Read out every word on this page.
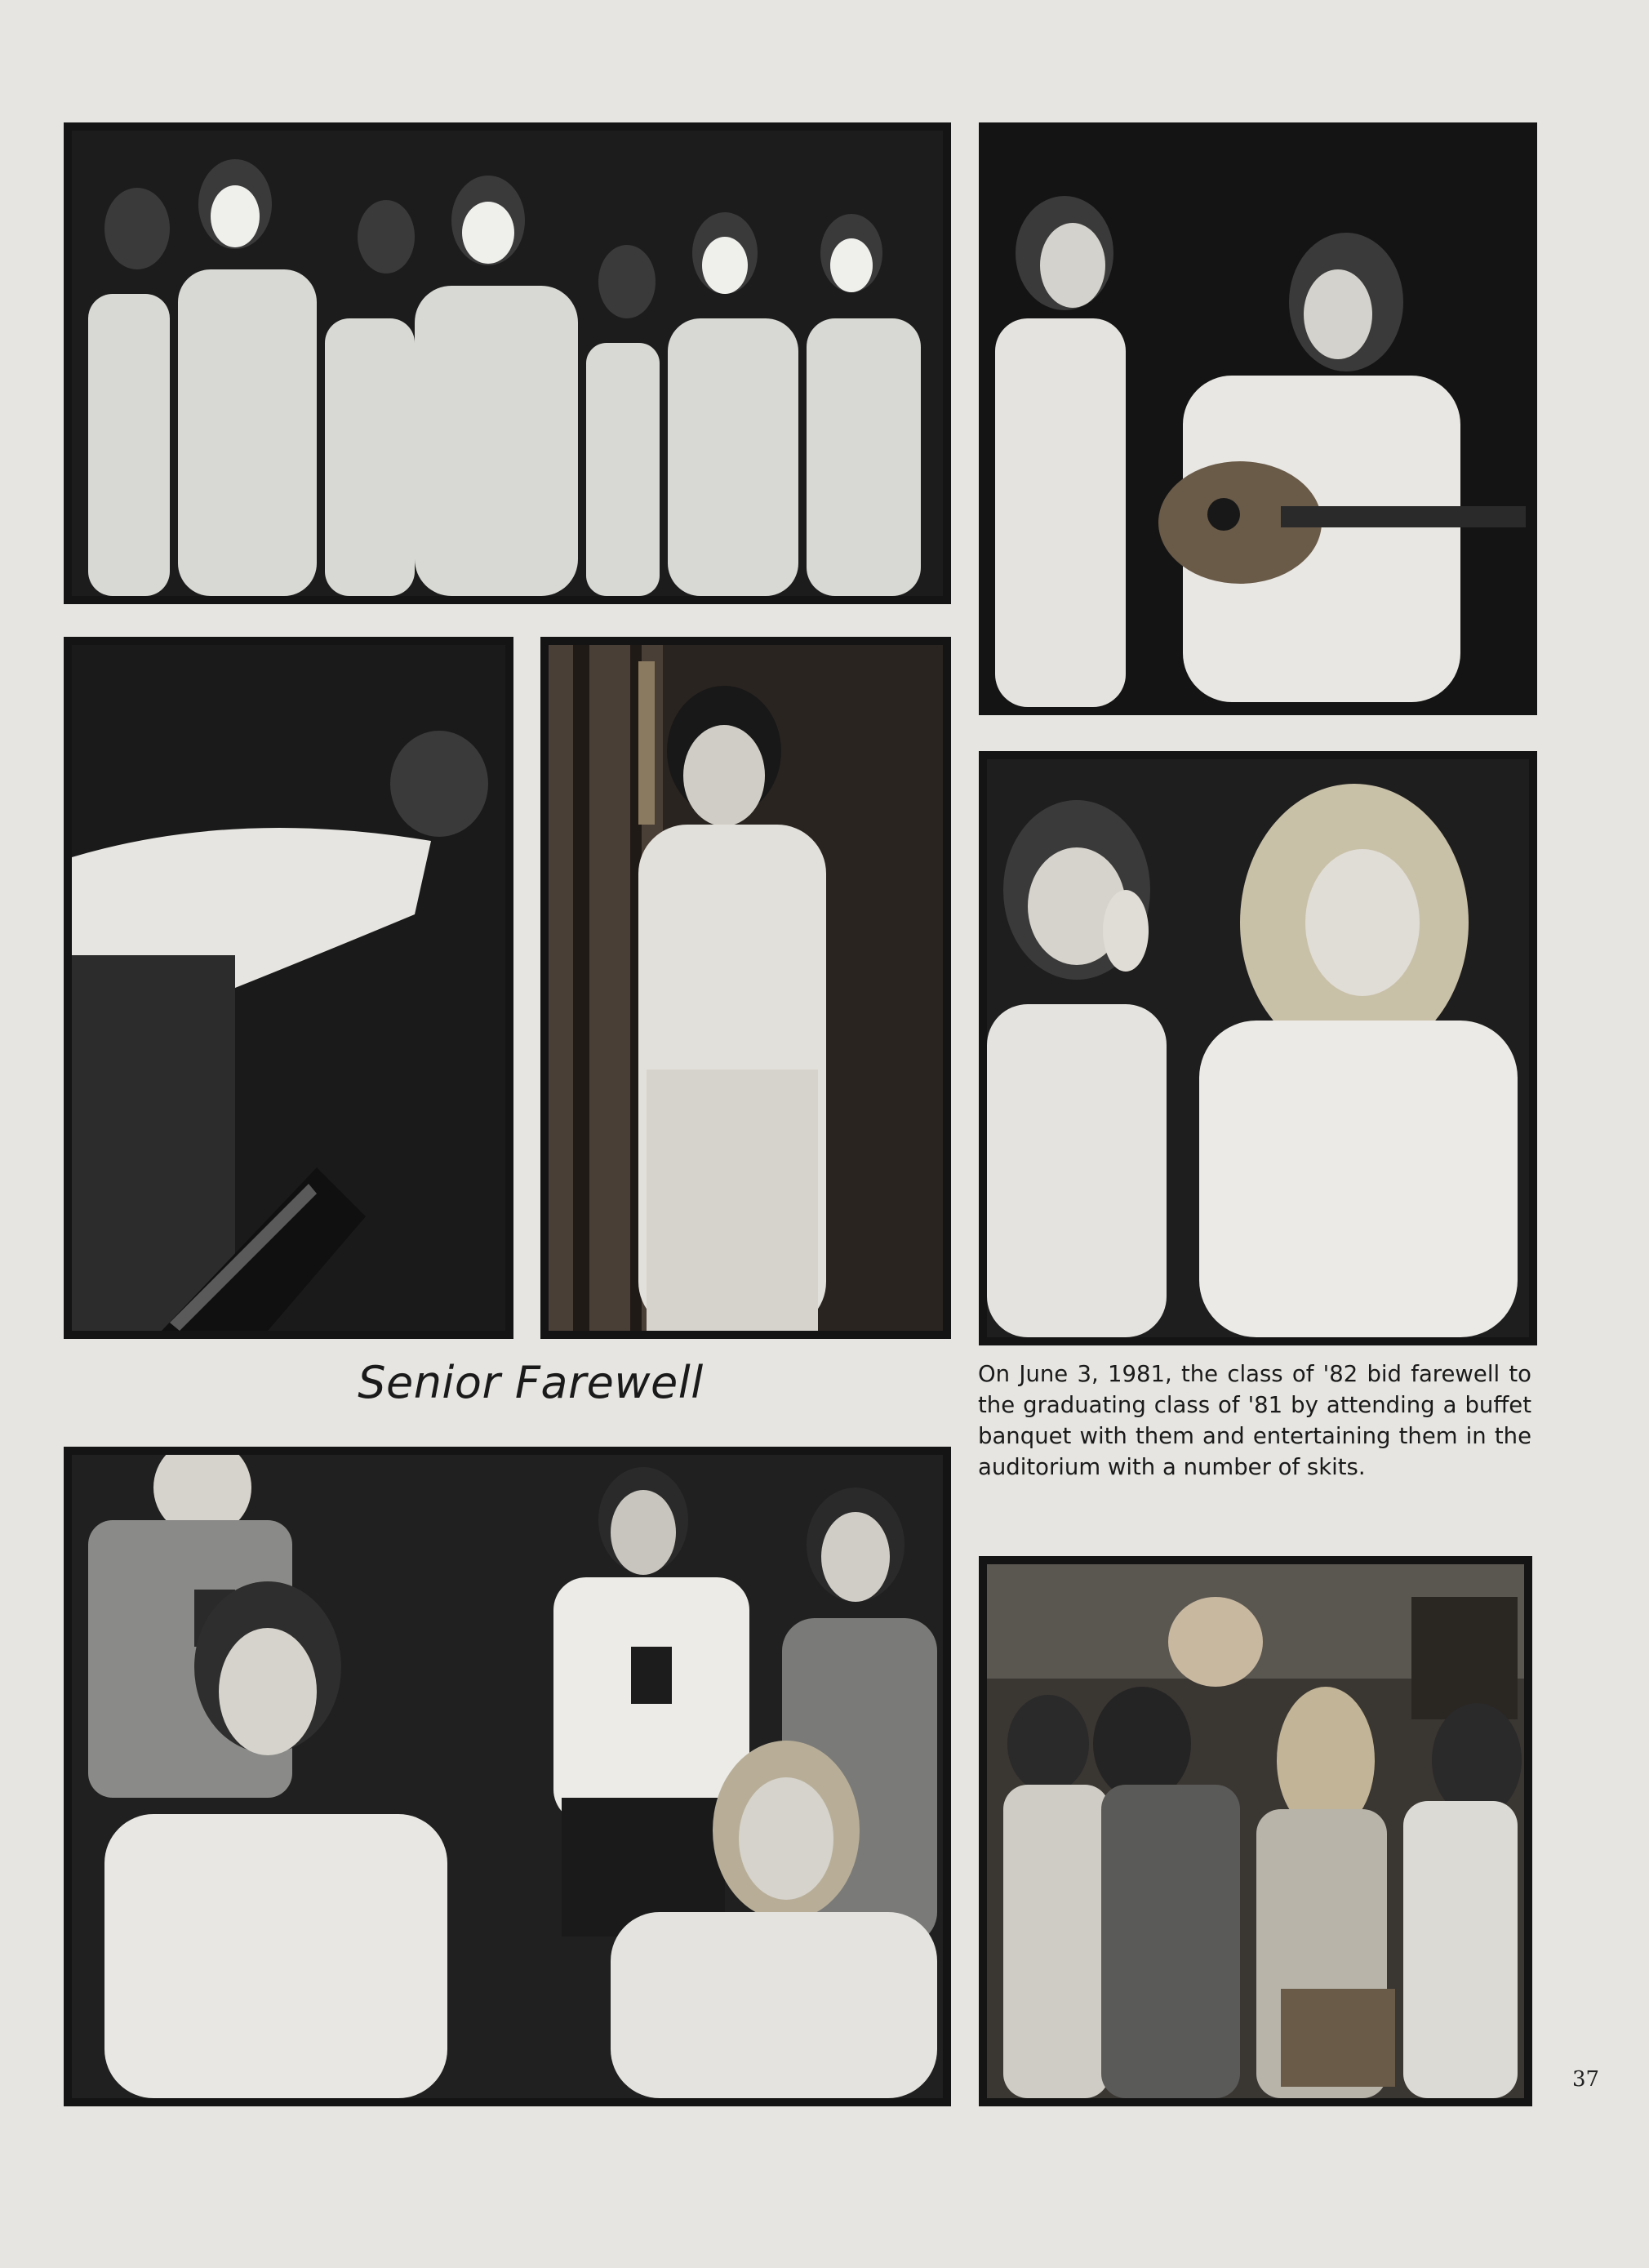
Senior Farewell	On June 3, 1981, the class of '82 bid farewell to the graduating class of '81 by attending a buffet banquet with them and entertaining them in the auditorium with a number of skits.

37
